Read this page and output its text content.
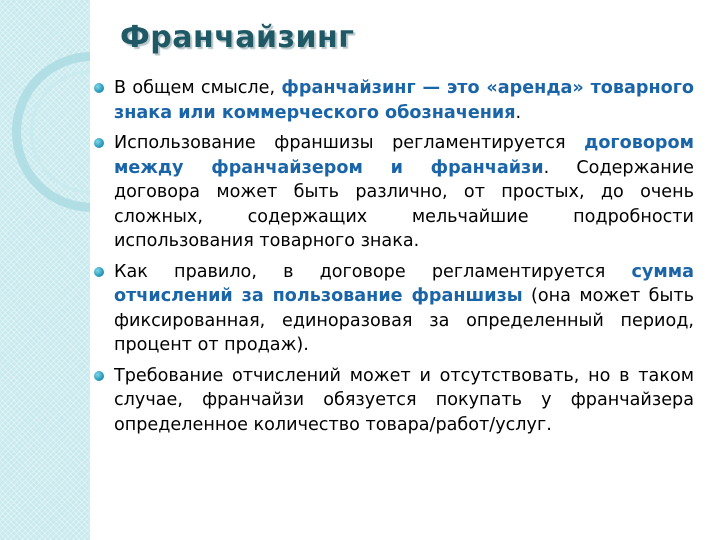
Франчайзинг
В общем смысле, франчайзинг — это «аренда» товарного знака или коммерческого обозначения.
Использование франшизы регламентируется договором между франчайзером и франчайзи. Содержание договора может быть различно, от простых, до очень сложных, содержащих мельчайшие подробности использования товарного знака.
Как правило, в договоре регламентируется сумма отчислений за пользование франшизы (она может быть фиксированная, единоразовая за определенный период, процент от продаж).
Требование отчислений может и отсутствовать, но в таком случае, франчайзи обязуется покупать у франчайзера определенное количество товара/работ/услуг.
